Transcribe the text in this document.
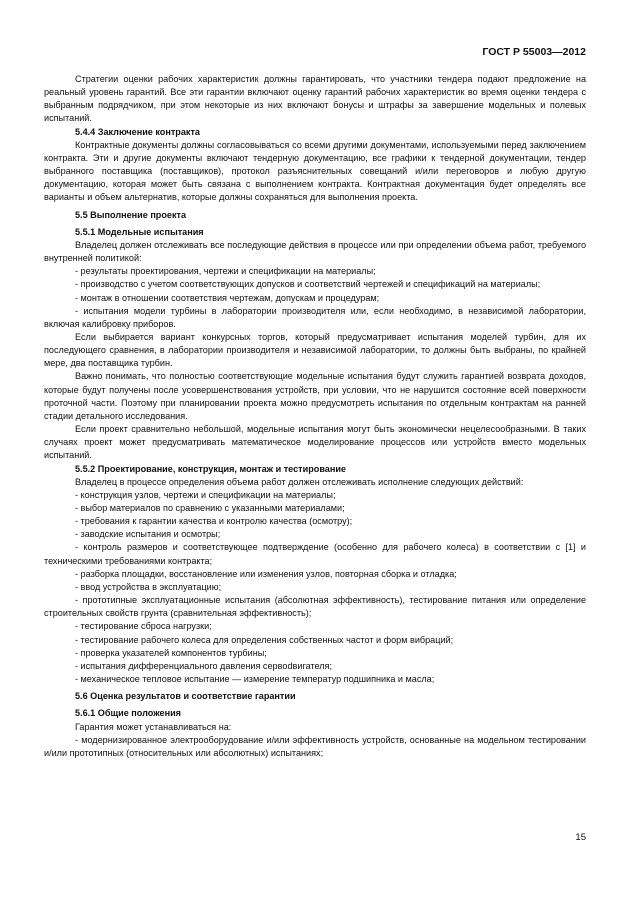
ГОСТ Р 55003—2012

Стратегии оценки рабочих характеристик должны гарантировать, что участники тендера подают предложение на реальный уровень гарантий. Все эти гарантии включают оценку гарантий рабочих характеристик во время оценки тендера с выбранным подрядчиком, при этом некоторые из них включают бонусы и штрафы за завершение модельных и полевых испытаний.

5.4.4 Заключение контракта

Контрактные документы должны согласовываться со всеми другими документами, используемыми перед заключением контракта. Эти и другие документы включают тендерную документацию, все графики к тендерной документации, тендер выбранного поставщика (поставщиков), протокол разъяснительных совещаний и/или переговоров и любую другую документацию, которая может быть связана с выполнением контракта. Контрактная документация будет определять все варианты и объем альтернатив, которые должны сохраняться для выполнения проекта.

5.5 Выполнение проекта

5.5.1 Модельные испытания

Владелец должен отслеживать все последующие действия в процессе или при определении объема работ, требуемого внутренней политикой:

- результаты проектирования, чертежи и спецификации на материалы;

- производство с учетом соответствующих допусков и соответствий чертежей и спецификаций на материалы;

- монтаж в отношении соответствия чертежам, допускам и процедурам;

- испытания модели турбины в лаборатории производителя или, если необходимо, в независимой лаборатории, включая калибровку приборов.

Если выбирается вариант конкурсных торгов, который предусматривает испытания моделей турбин, для их последующего сравнения, в лаборатории производителя и независимой лаборатории, то должны быть выбраны, по крайней мере, два поставщика турбин.

Важно понимать, что полностью соответствующие модельные испытания будут служить гарантией возврата доходов, которые будут получены после усовершенствования устройств, при условии, что не нарушится состояние всей поверхности проточной части. Поэтому при планировании проекта можно предусмотреть испытания по отдельным контрактам на ранней стадии детального исследования.

Если проект сравнительно небольшой, модельные испытания могут быть экономически нецелесообразными. В таких случаях проект может предусматривать математическое моделирование процессов или устройств вместо модельных испытаний.

5.5.2 Проектирование, конструкция, монтаж и тестирование

Владелец в процессе определения объема работ должен отслеживать исполнение следующих действий:

- конструкция узлов, чертежи и спецификации на материалы;

- выбор материалов по сравнению с указанными материалами;

- требования к гарантии качества и контролю качества (осмотру);

- заводские испытания и осмотры;

- контроль размеров и соответствующее подтверждение (особенно для рабочего колеса) в соответствии с [1] и техническими требованиями контракта;

- разборка площадки, восстановление или изменения узлов, повторная сборка и отладка;

- ввод устройства в эксплуатацию;

- прототипные эксплуатационные испытания (абсолютная эффективность), тестирование питания или определение строительных свойств грунта (сравнительная эффективность);

- тестирование сброса нагрузки;

- тестирование рабочего колеса для определения собственных частот и форм вибраций;

- проверка указателей компонентов турбины;

- испытания дифференциального давления сервodвигателя;

- механическое тепловое испытание — измерение температур подшипника и масла;

5.6 Оценка результатов и соответствие гарантии

5.6.1 Общие положения

Гарантия может устанавливаться на:

- модернизированное электрооборудование и/или эффективность устройств, основанные на модельном тестировании и/или прототипных (относительных или абсолютных) испытаниях;

15
